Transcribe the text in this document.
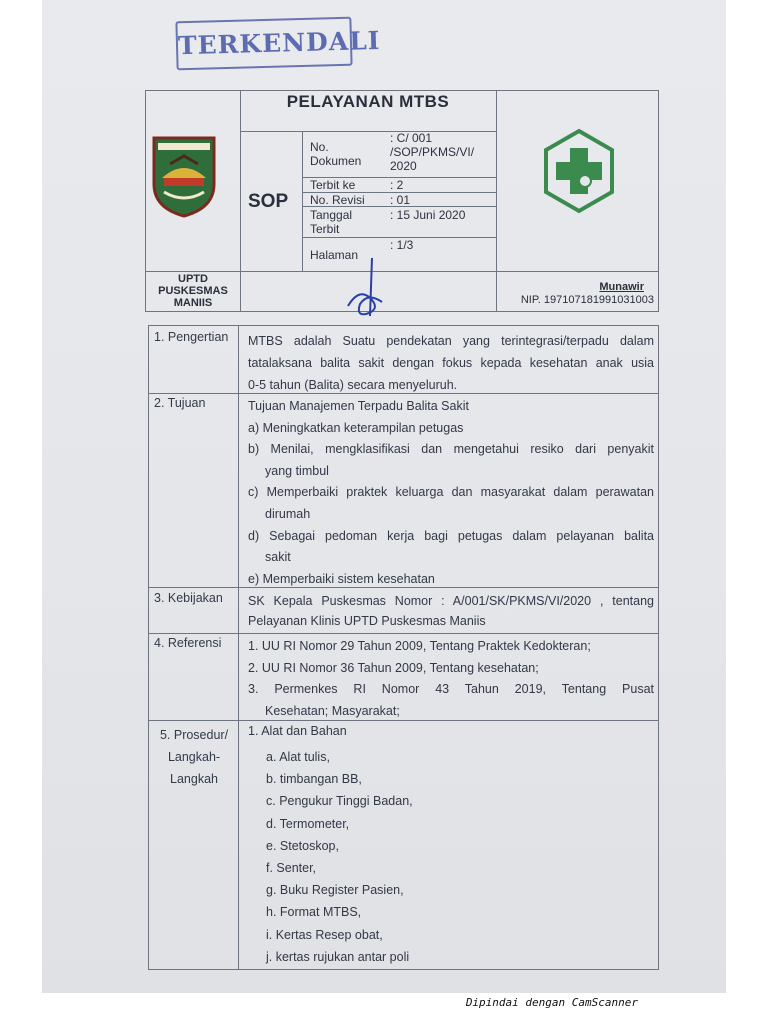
TERKENDALI
PELAYANAN MTBS
SOP
No. Dokumen
: C/ 001 /SOP/PKMS/VI/ 2020
Terbit ke	: 2
No. Revisi : 01
Tanggal Terbit
: 15 Juni 2020
Halaman
: 1/3
UPTD PUSKESMAS MANIIS
Munawir
NIP. 197107181991031003
1. Pengertian MTBS adalah Suatu pendekatan yang terintegrasi/terpadu dalam
tatalaksana balita sakit dengan fokus kepada kesehatan anak usia
0-5 tahun (Balita) secara menyeluruh.
2. Tujuan	Tujuan Manajemen Terpadu Balita Sakit
a) Meningkatkan keterampilan petugas
b) Menilai, mengklasifikasi dan mengetahui resiko dari penyakit
yang timbul
c) Memperbaiki praktek keluarga dan masyarakat dalam perawatan
dirumah
d) Sebagai pedoman kerja bagi petugas dalam pelayanan balita
sakit
e) Memperbaiki sistem kesehatan
3. Kebijakan SK Kepala Puskesmas Nomor : A/001/SK/PKMS/VI/2020 , tentang
Pelayanan Klinis UPTD Puskesmas Maniis
4. Referensi 1. UU RI Nomor 29 Tahun 2009, Tentang Praktek Kedokteran;
2. UU RI Nomor 36 Tahun 2009, Tentang kesehatan;
3. Permenkes RI Nomor 43 Tahun 2019, Tentang Pusat
Kesehatan; Masyarakat;
5. Prosedur/
Langkah-
Langkah
1. Alat dan Bahan
a. Alat tulis,
b. timbangan BB,
c. Pengukur Tinggi Badan,
d. Termometer,
e. Stetoskop,
f. Senter,
g. Buku Register Pasien,
h. Format MTBS,
i. Kertas Resep obat,
j. kertas rujukan antar poli
Dipindai dengan CamScanner
